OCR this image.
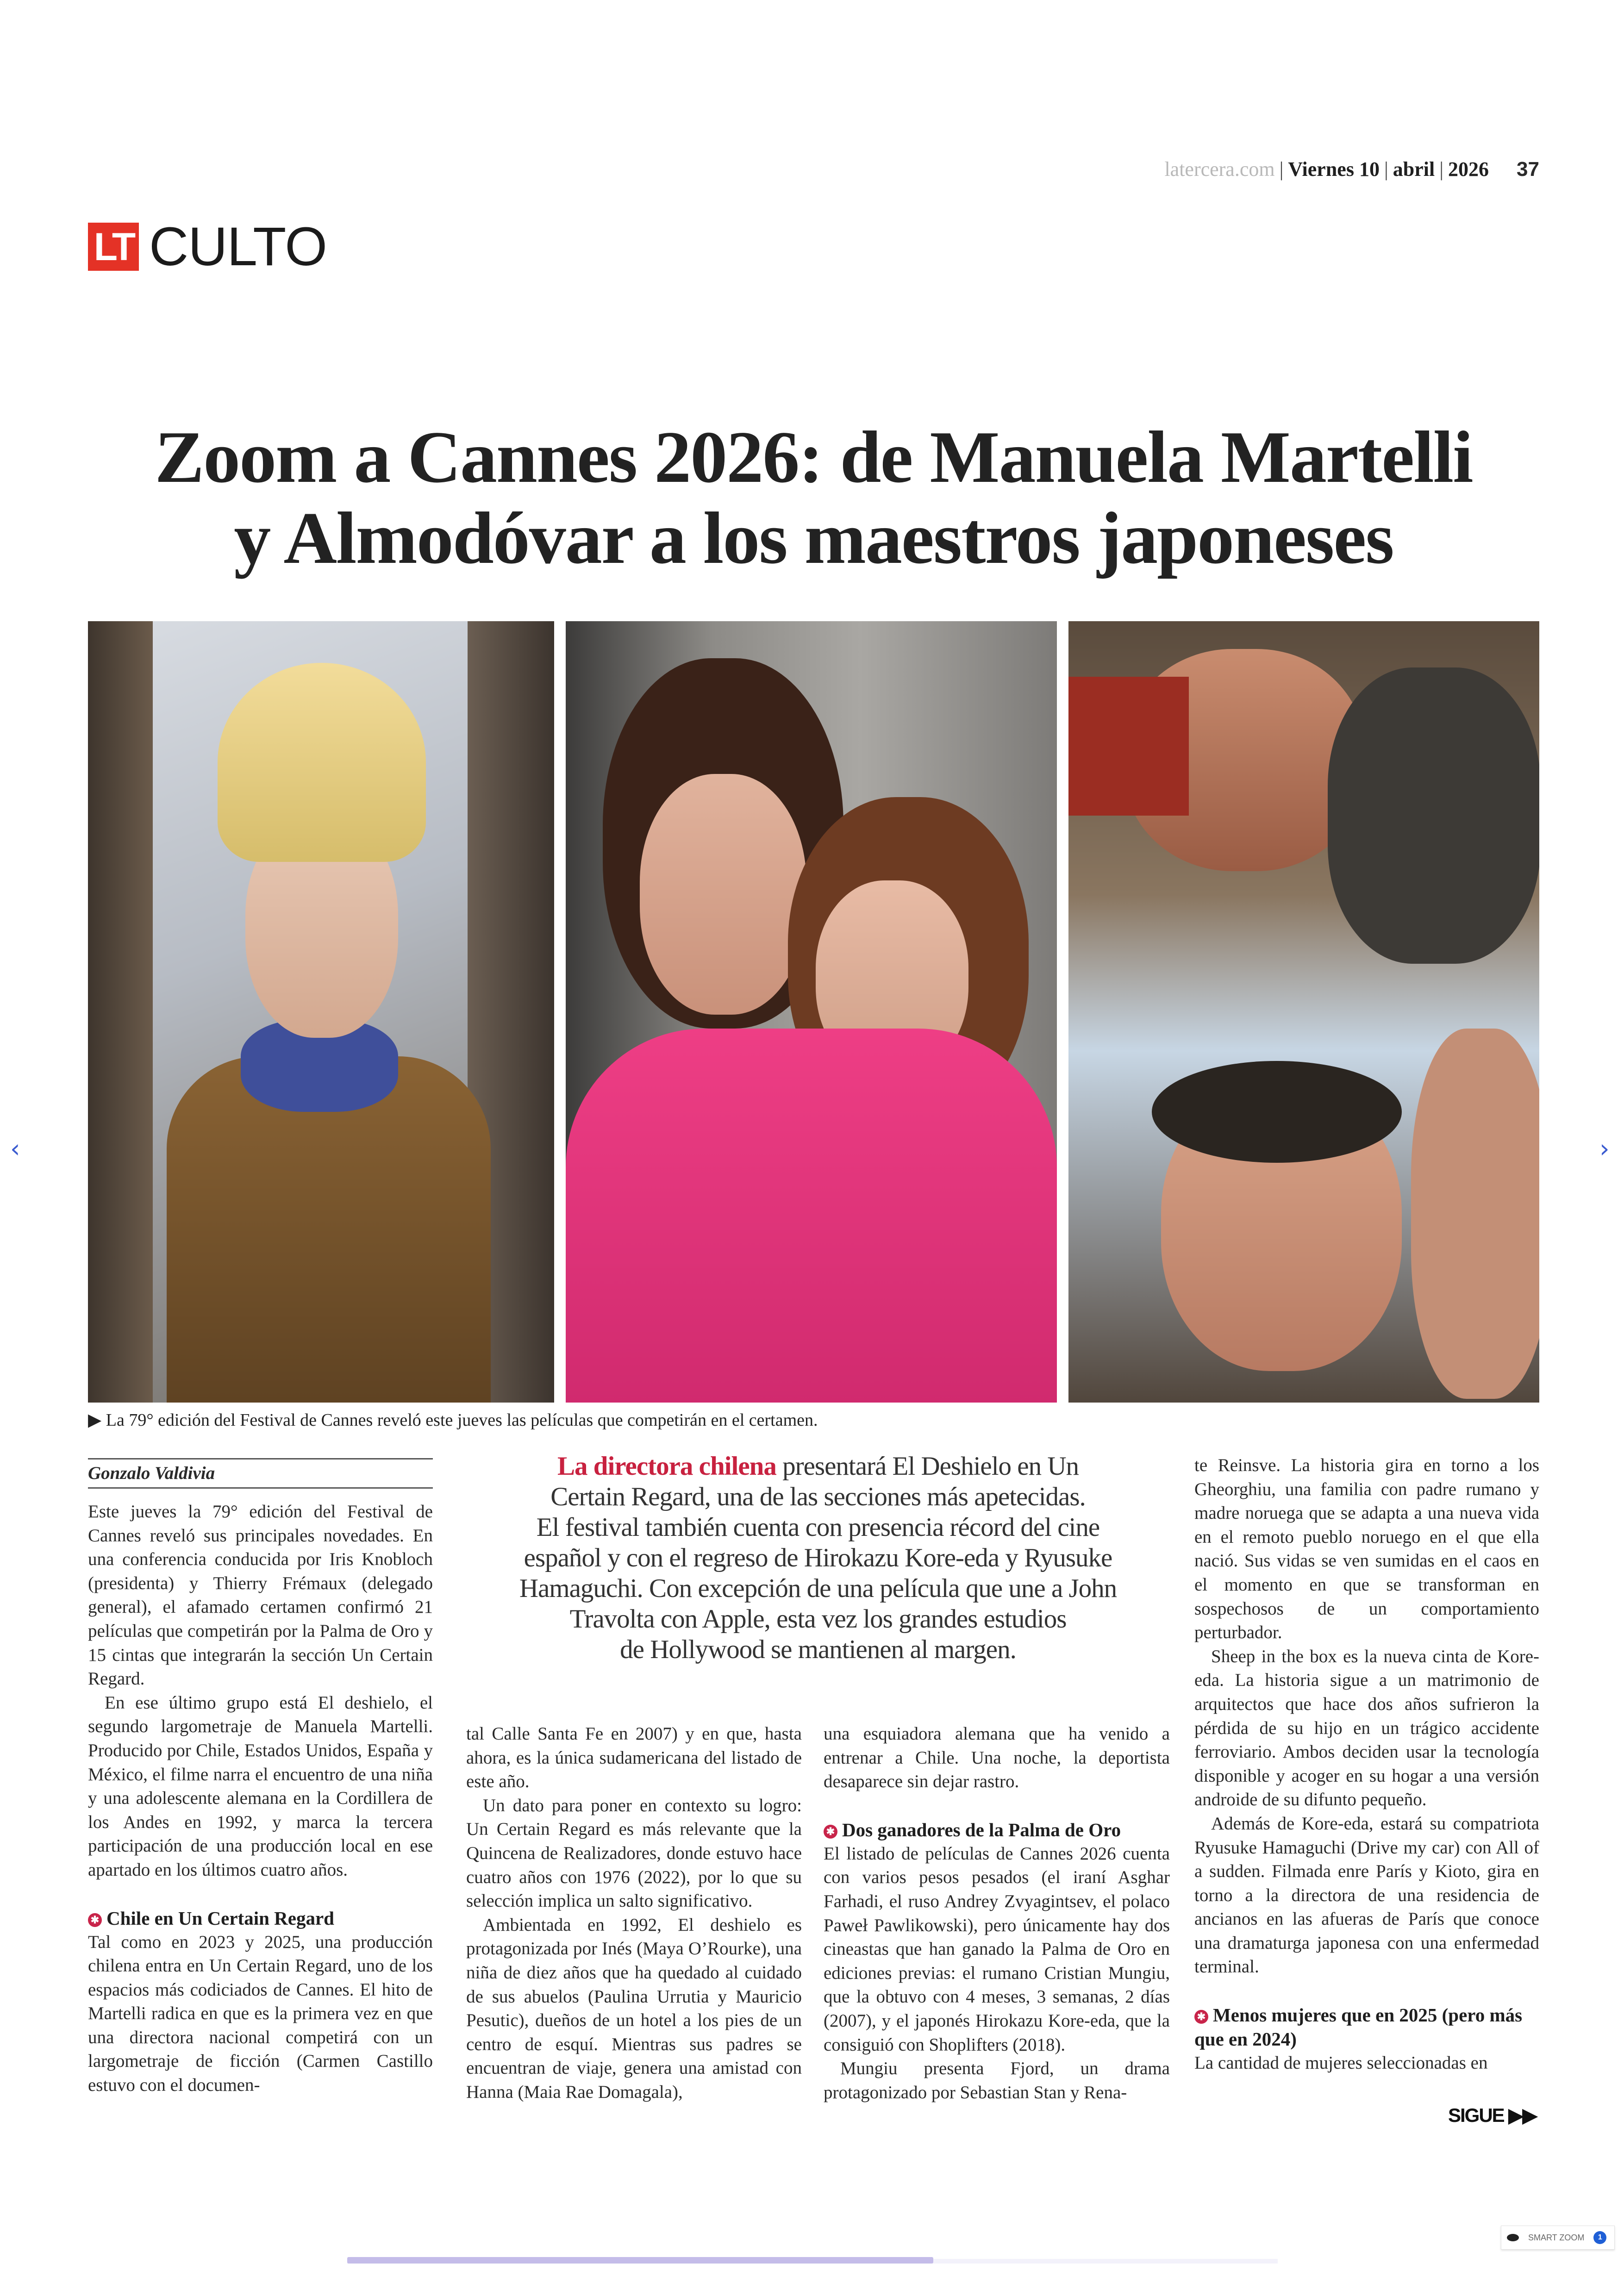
latercera.com | Viernes 10 | abril | 2026 37
LT CULTO
Zoom a Cannes 2026: de Manuela Martelli
y Almodóvar a los maestros japoneses
▶ La 79° edición del Festival de Cannes reveló este jueves las películas que competirán en el certamen.
Gonzalo Valdivia

Este jueves la 79° edición del Festival de Cannes reveló sus principales novedades. En una conferencia conducida por Iris Knobloch (presidenta) y Thierry Frémaux (delegado general), el afamado certamen confirmó 21 películas que competirán por la Palma de Oro y 15 cintas que integrarán la sección Un Certain Regard.

En ese último grupo está El deshielo, el segundo largometraje de Manuela Martelli. Producido por Chile, Estados Unidos, España y México, el filme narra el encuentro de una niña y una adolescente alemana en la Cordillera de los Andes en 1992, y marca la tercera participación de una producción local en ese apartado en los últimos cuatro años.

✱ Chile en Un Certain Regard

Tal como en 2023 y 2025, una producción chilena entra en Un Certain Regard, uno de los espacios más codiciados de Cannes. El hito de Martelli radica en que es la primera vez en que una directora nacional competirá con un largometraje de ficción (Carmen Castillo estuvo con el documen-

La directora chilena presentará El Deshielo en Un
Certain Regard, una de las secciones más apetecidas.
El festival también cuenta con presencia récord del cine
español y con el regreso de Hirokazu Kore-eda y Ryusuke
Hamaguchi. Con excepción de una película que une a John
Travolta con Apple, esta vez los grandes estudios
de Hollywood se mantienen al margen.

tal Calle Santa Fe en 2007) y en que, hasta ahora, es la única sudamericana del listado de este año.

Un dato para poner en contexto su logro: Un Certain Regard es más relevante que la Quincena de Realizadores, donde estuvo hace cuatro años con 1976 (2022), por lo que su selección implica un salto significativo.

Ambientada en 1992, El deshielo es protagonizada por Inés (Maya O’Rourke), una niña de diez años que ha quedado al cuidado de sus abuelos (Paulina Urrutia y Mauricio Pesutic), dueños de un hotel a los pies de un centro de esquí. Mientras sus padres se encuentran de viaje, genera una amistad con Hanna (Maia Rae Domagala),

una esquiadora alemana que ha venido a entrenar a Chile. Una noche, la deportista desaparece sin dejar rastro.

✱ Dos ganadores de la Palma de Oro

El listado de películas de Cannes 2026 cuenta con varios pesos pesados (el iraní Asghar Farhadi, el ruso Andrey Zvyagintsev, el polaco Paweł Pawlikowski), pero únicamente hay dos cineastas que han ganado la Palma de Oro en ediciones previas: el rumano Cristian Mungiu, que la obtuvo con 4 meses, 3 semanas, 2 días (2007), y el japonés Hirokazu Kore-eda, que la consiguió con Shoplifters (2018).

Mungiu presenta Fjord, un drama protagonizado por Sebastian Stan y Rena-

te Reinsve. La historia gira en torno a los Gheorghiu, una familia con padre rumano y madre noruega que se adapta a una nueva vida en el remoto pueblo noruego en el que ella nació. Sus vidas se ven sumidas en el caos en el momento en que se transforman en sospechosos de un comportamiento perturbador.

Sheep in the box es la nueva cinta de Kore-eda. La historia sigue a un matrimonio de arquitectos que hace dos años sufrieron la pérdida de su hijo en un trágico accidente ferroviario. Ambos deciden usar la tecnología disponible y acoger en su hogar a una versión androide de su difunto pequeño.

Además de Kore-eda, estará su compatriota Ryusuke Hamaguchi (Drive my car) con All of a sudden. Filmada enre París y Kioto, gira en torno a la directora de una residencia de ancianos en las afueras de París que conoce una dramaturga japonesa con una enfermedad terminal.

✱ Menos mujeres que en 2025 (pero más que en 2024)

La cantidad de mujeres seleccionadas en

SIGUE ▶▶
‹	›
SMART ZOOM	1
